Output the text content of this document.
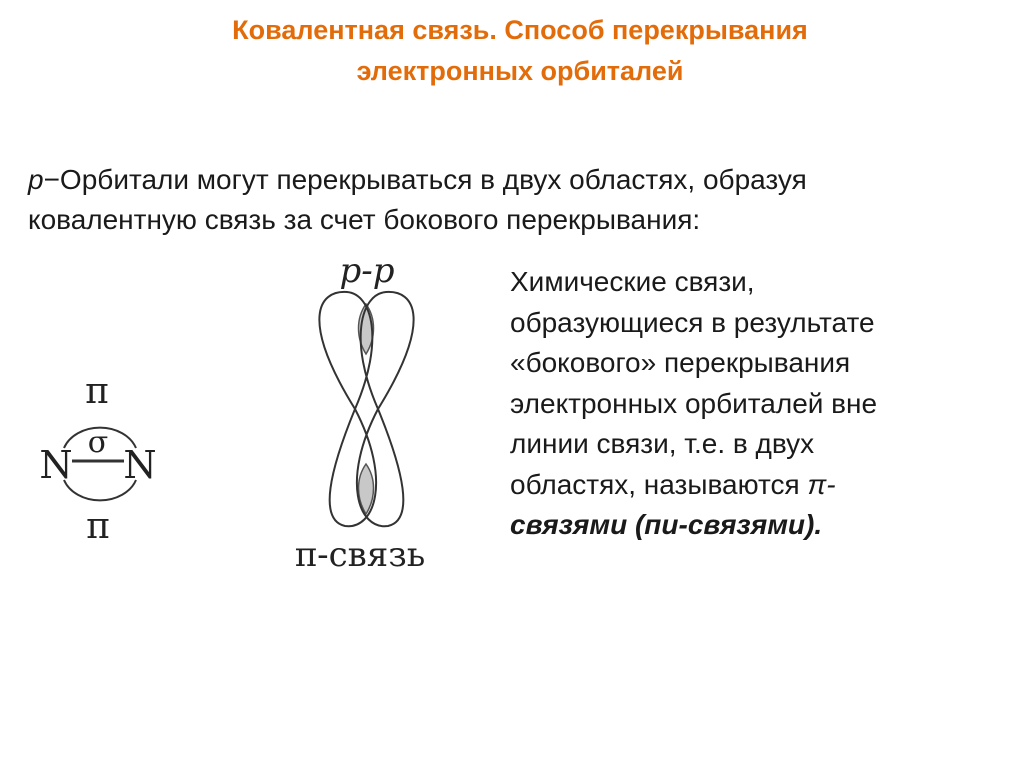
Ковалентная связь. Способ перекрывания
электронных орбиталей
p−Орбитали могут перекрываться в двух областях, образуя
ковалентную связь за счет бокового перекрывания:
Химические связи,
образующиеся в результате
«бокового» перекрывания
электронных орбиталей вне
линии связи, т.е. в двух
областях, называются π-
связями (пи-связями).
π
σ
N N
π
p-p
π-связь
